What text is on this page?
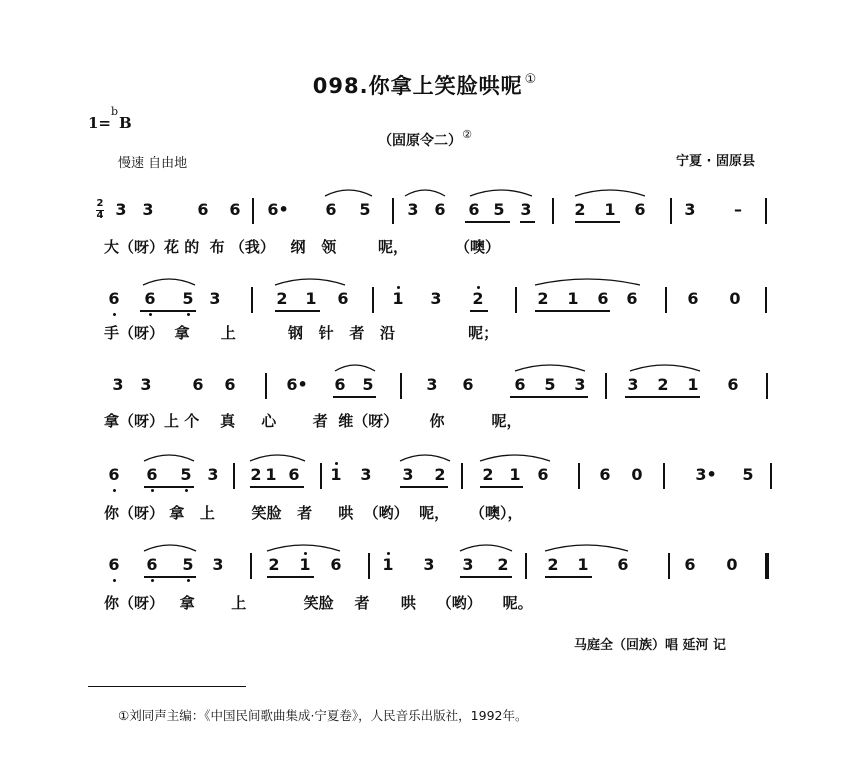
098.你拿上笑脸哄呢 ①
1=
b
B
（固原令二）②
慢速 自由地	宁夏 · 固原县
2
4 3 3	6 6 6• 6 5 3 6 6 5 3	2 1 6 3 –
大（呀）花 的  布 （我）   纲   领        呢，         （噢）
6 6 5 3	2 1 6	1 3 2	2 1 6 6	6 0
手（呀）  拿      上          钢   针   者   沿              呢；
3 3	6 6	6• 6 5	3 6	6 5 3	3 2 1 6
拿（呀）上 个    真     心       者  维（呀）      你         呢，
6 6 5 3 2 1 6 1 3 3 2 2 1 6	6 0	3• 5
你（呀） 拿   上       笑脸   者     哄  （哟）  呢，    （噢），
6 6 5 3	2 1 6	1 3 3 2 2 1 6	6 0
你（呀）   拿       上           笑脸    者      哄    （哟）    呢。
马庭全（回族）唱 延河 记
①刘同声主编：《中国民间歌曲集成·宁夏卷》，人民音乐出版社，1992年。
